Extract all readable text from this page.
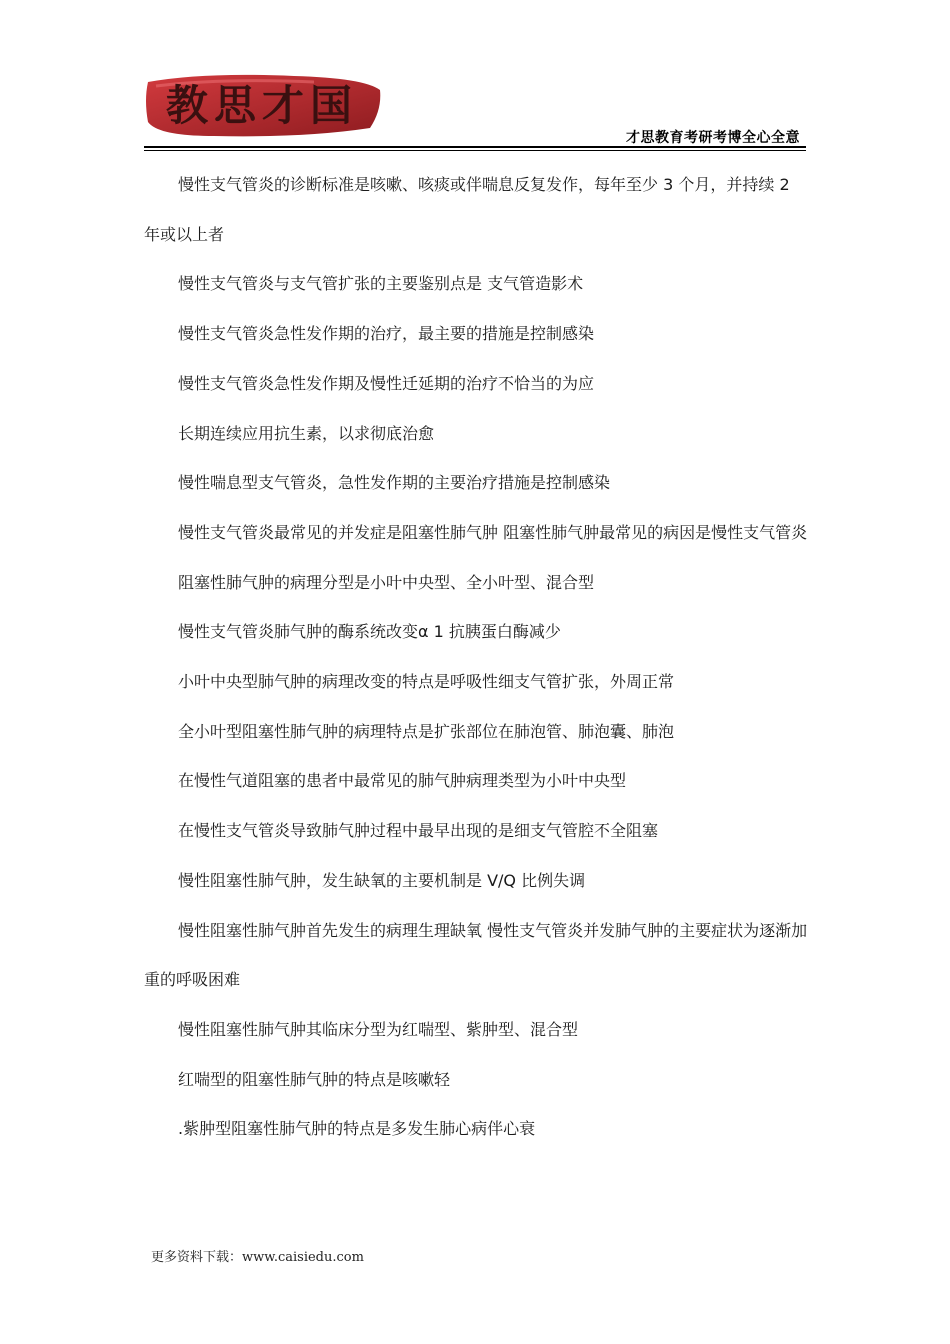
教思才国
才思教育考研考博全心全意

慢性支气管炎的诊断标准是咳嗽、咳痰或伴喘息反复发作，每年至少 3 个月，并持续 2 年或以上者

慢性支气管炎与支气管扩张的主要鉴别点是 支气管造影术

慢性支气管炎急性发作期的治疗，最主要的措施是控制感染

慢性支气管炎急性发作期及慢性迁延期的治疗不恰当的为应

长期连续应用抗生素，以求彻底治愈

慢性喘息型支气管炎，急性发作期的主要治疗措施是控制感染

慢性支气管炎最常见的并发症是阻塞性肺气肿 阻塞性肺气肿最常见的病因是慢性支气管炎

阻塞性肺气肿的病理分型是小叶中央型、全小叶型、混合型

慢性支气管炎肺气肿的酶系统改变α 1 抗胰蛋白酶减少

小叶中央型肺气肿的病理改变的特点是呼吸性细支气管扩张，外周正常

全小叶型阻塞性肺气肿的病理特点是扩张部位在肺泡管、肺泡囊、肺泡

在慢性气道阻塞的患者中最常见的肺气肿病理类型为小叶中央型

在慢性支气管炎导致肺气肿过程中最早出现的是细支气管腔不全阻塞

慢性阻塞性肺气肿，发生缺氧的主要机制是 V/Q 比例失调

慢性阻塞性肺气肿首先发生的病理生理缺氧 慢性支气管炎并发肺气肿的主要症状为逐渐加重的呼吸困难

慢性阻塞性肺气肿其临床分型为红喘型、紫肿型、混合型

红喘型的阻塞性肺气肿的特点是咳嗽轻

.紫肿型阻塞性肺气肿的特点是多发生肺心病伴心衰

更多资料下载：www.caisiedu.com
